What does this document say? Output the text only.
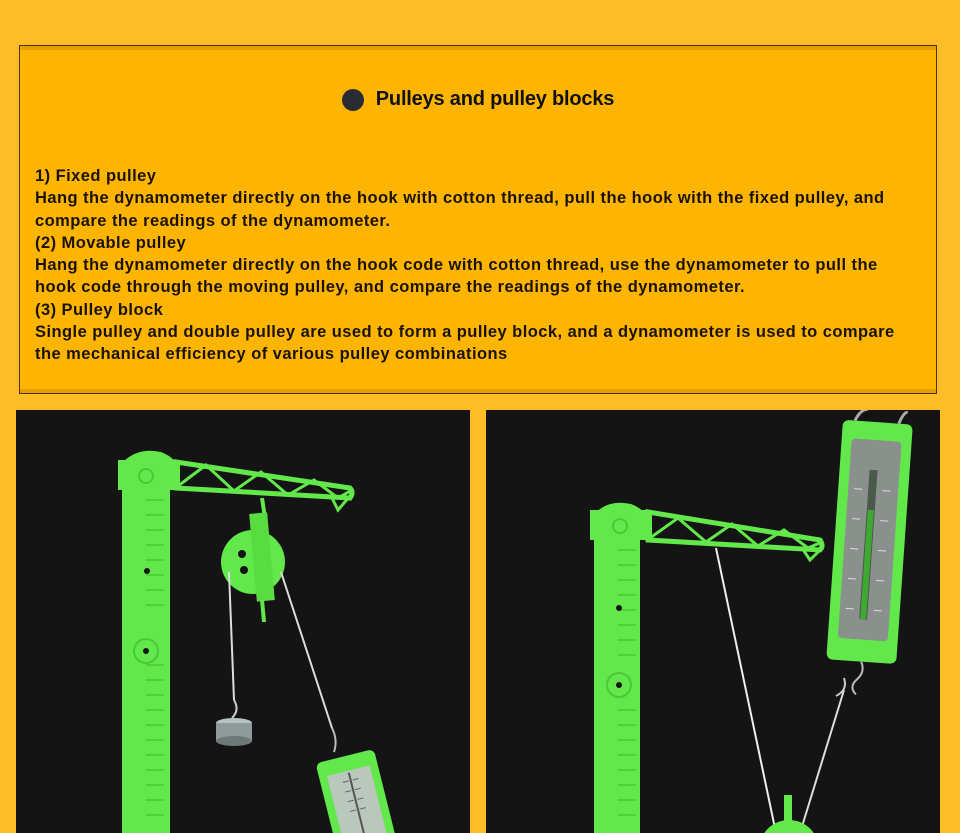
Pulleys and pulley blocks

1) Fixed pulley

Hang the dynamometer directly on the hook with cotton thread, pull the hook with the fixed pulley, and compare the readings of the dynamometer.

(2) Movable pulley

Hang the dynamometer directly on the hook code with cotton thread, use the dynamometer to pull the hook code through the moving pulley, and compare the readings of the dynamometer.

(3) Pulley block

Single pulley and double pulley are used to form a pulley block, and a dynamometer is used to compare the mechanical efficiency of various pulley combinations
